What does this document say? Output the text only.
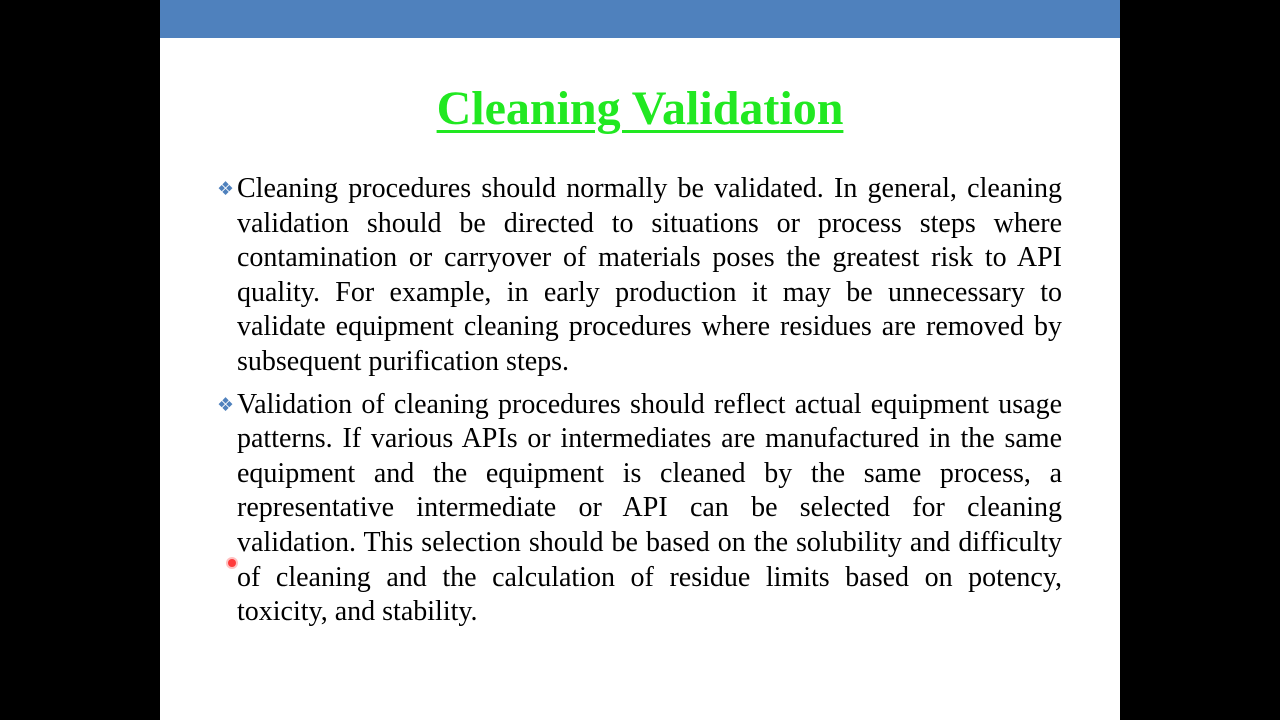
Cleaning Validation
❖ Cleaning procedures should normally be validated. In general, cleaning validation should be directed to situations or process steps where contamination or carryover of materials poses the greatest risk to API quality. For example, in early production it may be unnecessary to validate equipment cleaning procedures where residues are removed by subsequent purification steps.
❖ Validation of cleaning procedures should reflect actual equipment usage patterns. If various APIs or intermediates are manufactured in the same equipment and the equipment is cleaned by the same process, a representative intermediate or API can be selected for cleaning validation. This selection should be based on the solubility and difficulty of cleaning and the calculation of residue limits based on potency, toxicity, and stability.
